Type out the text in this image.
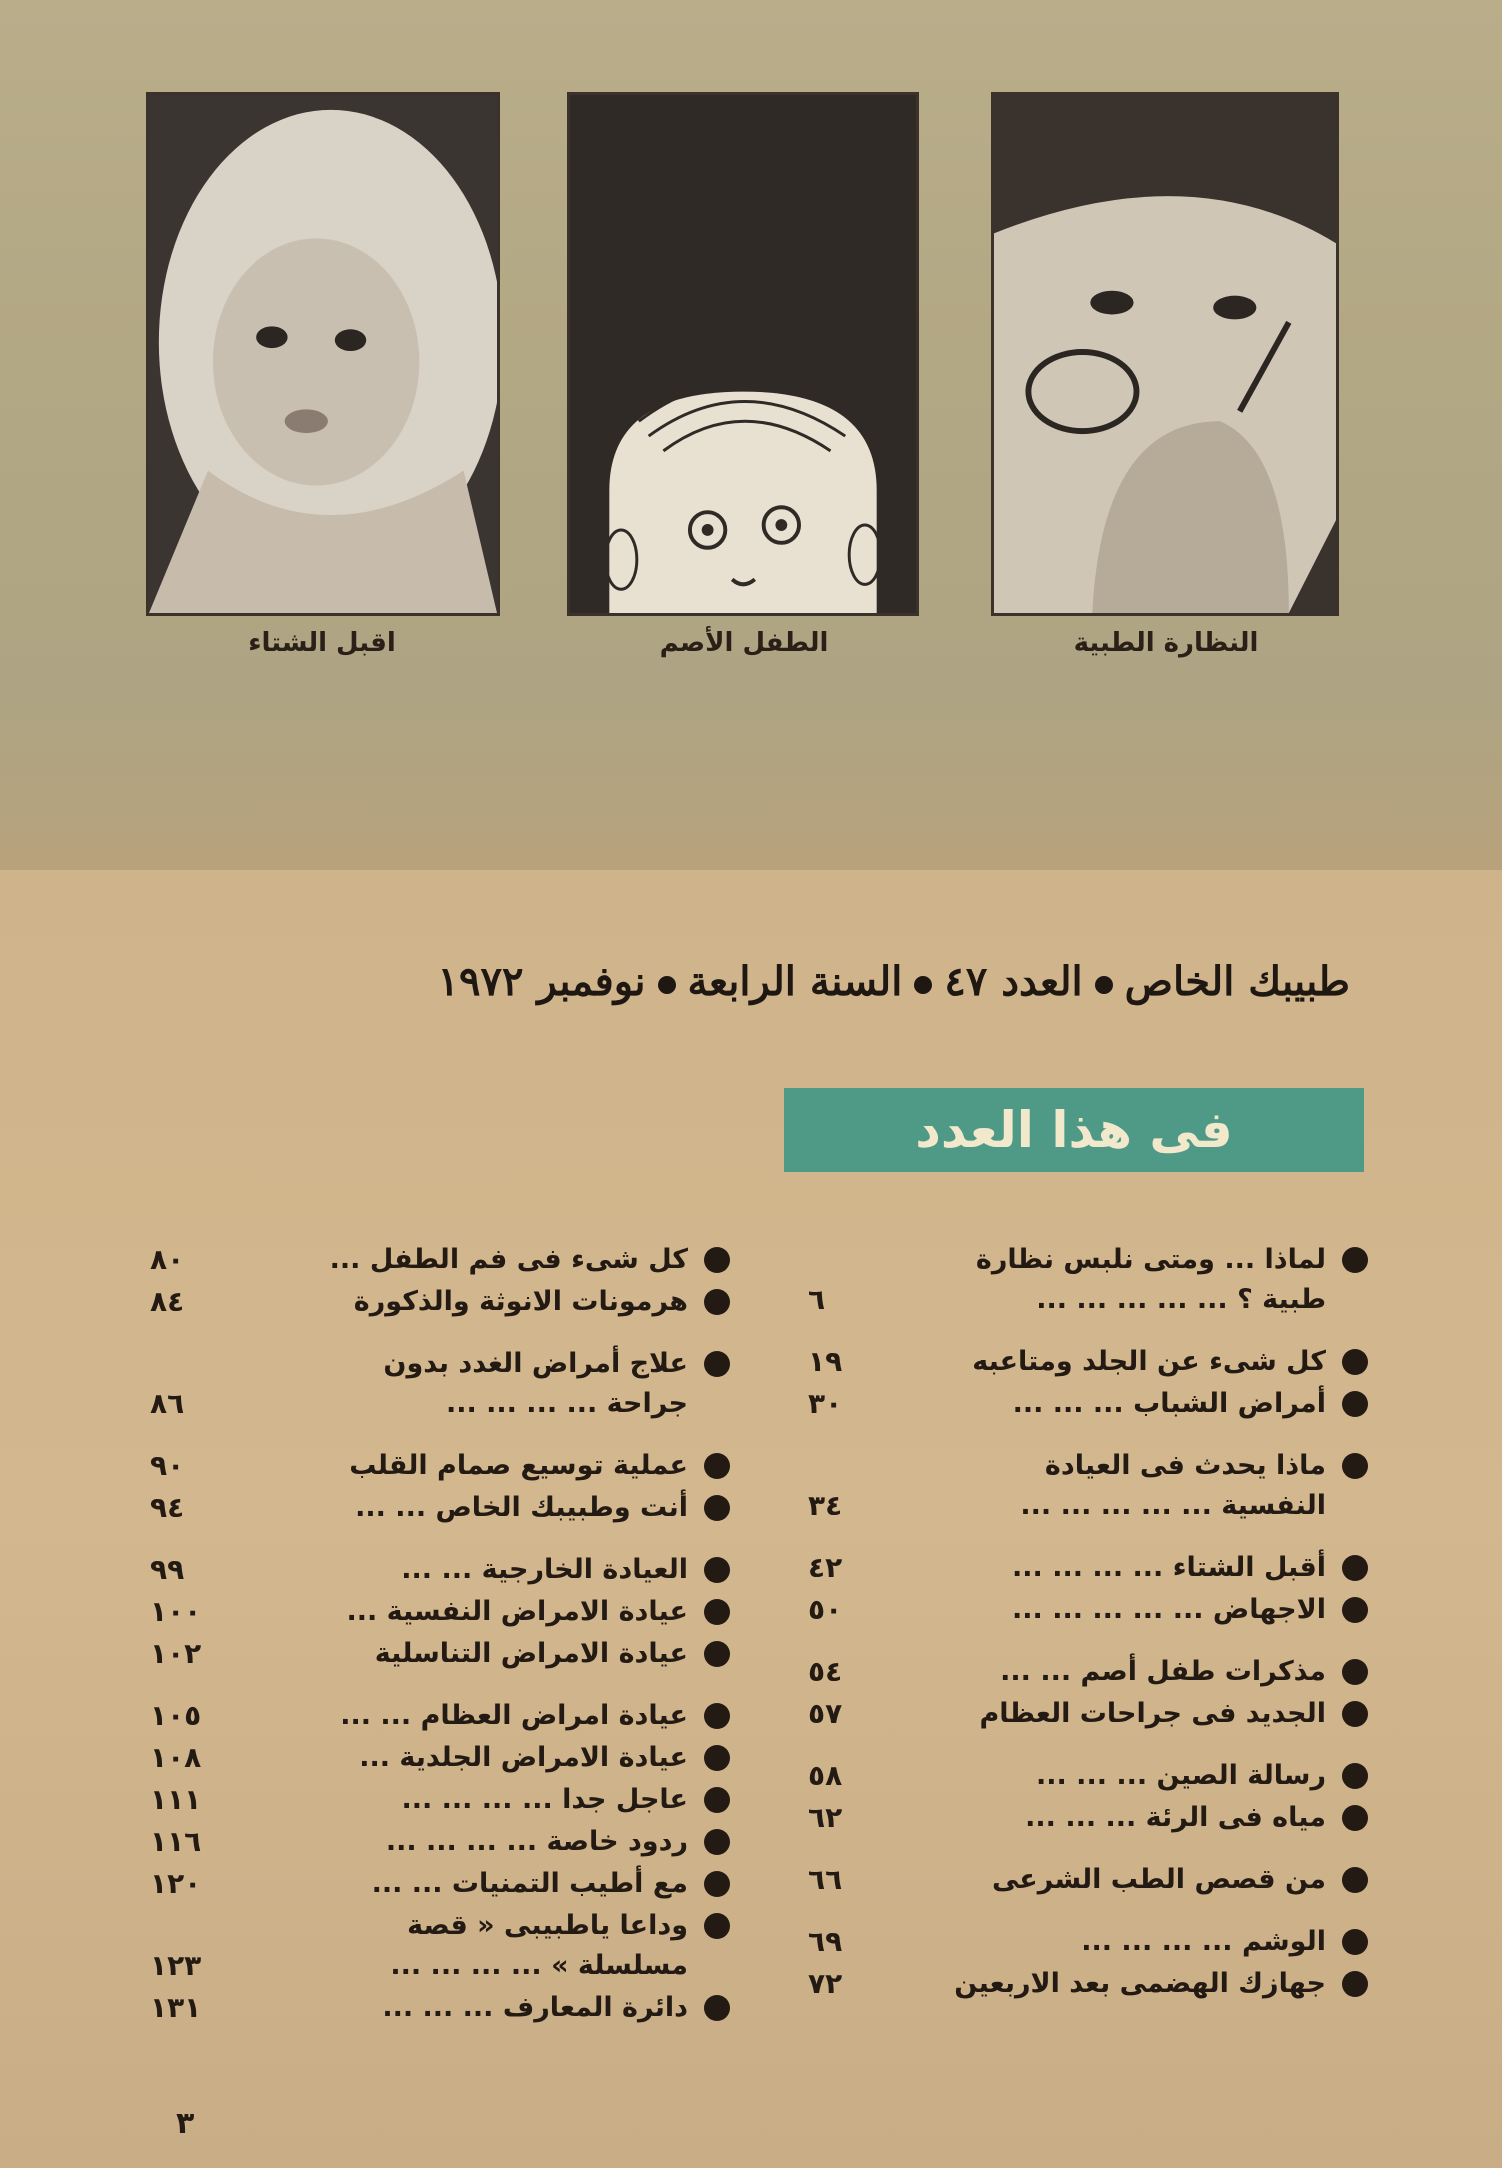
اقبل الشتاء	الطفل الأصم	النظارة الطبية
طبيبك الخاصالعدد ٤٧السنة الرابعةنوفمبر ١٩٧٢
فى هذا العدد
لماذا ... ومتى نلبس نظارة
طبية ؟ ... ... ... ... ...
٦
كل شىء عن الجلد ومتاعبه
١٩
أمراض الشباب ... ... ...
٣٠
ماذا يحدث فى العيادة
النفسية ... ... ... ... ...
٣٤
أقبل الشتاء ... ... ... ...
٤٢
الاجهاض ... ... ... ... ...
٥٠
مذكرات طفل أصم ... ...
٥٤
الجديد فى جراحات العظام
٥٧
رسالة الصين ... ... ...
٥٨
مياه فى الرئة ... ... ...
٦٢
من قصص الطب الشرعى
٦٦
الوشم ... ... ... ...
٦٩
جهازك الهضمى بعد الاربعين
٧٢
كل شىء فى فم الطفل ...
٨٠
هرمونات الانوثة والذكورة
٨٤
علاج أمراض الغدد بدون
جراحة ... ... ... ...
٨٦
عملية توسيع صمام القلب
٩٠
أنت وطبيبك الخاص ... ...
٩٤
العيادة الخارجية ... ...
٩٩
عيادة الامراض النفسية ...
١٠٠
عيادة الامراض التناسلية
١٠٢
عيادة امراض العظام ... ...
١٠٥
عيادة الامراض الجلدية ...
١٠٨
عاجل جدا ... ... ... ...
١١١
ردود خاصة ... ... ... ...
١١٦
مع أطيب التمنيات ... ...
١٢٠
وداعا ياطبيبى « قصة
مسلسلة » ... ... ... ...
١٢٣
دائرة المعارف ... ... ...
١٣١
٣
